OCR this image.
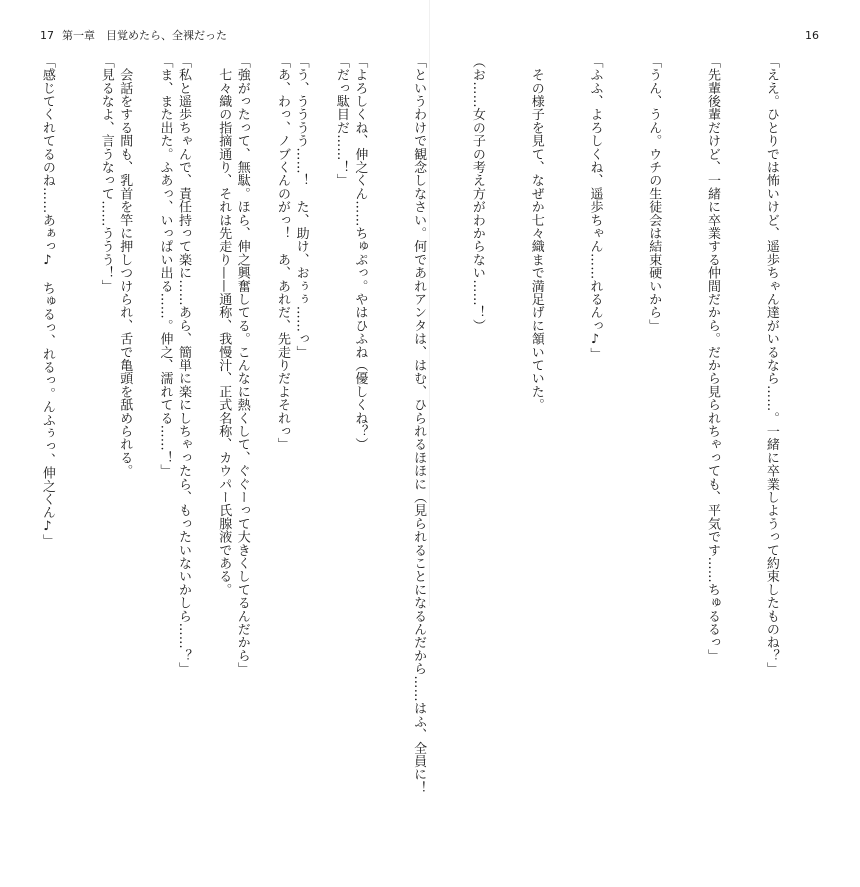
17 第一章　目覚めたら、全裸だった

「だっ駄目だ……！」

「あ、わっ、ノブくんのがっ！　あ、あれだ、先走りだよそれっ」

　七々織の指摘通り、それは先走り——通称、我慢汁、正式名称、カウパー氏腺液である。

「ま、また出た。ふあっ、いっぱい出る……。伸之、濡れてる……！」

「見るなよ、言うなって……ううう！」

「感じてくれてるのね……あぁっ♪　ちゅるっ、れるっ。んふぅっ、伸之くん♪」

16

「ええ。ひとりでは怖いけど、遥歩ちゃん達がいるなら……。一緒に卒業しようって約束したものね？」

「先輩後輩だけど、一緒に卒業する仲間だから。だから見られちゃっても、平気です……ちゅるるっ」

「うん、うん。ウチの生徒会は結束硬いから」

「ふふ、よろしくね、遥歩ちゃん……れるんっ♪」

　その様子を見て、なぜか七々織まで満足げに頷いていた。

（お……女の子の考え方がわからない……！）

「というわけで観念しなさい。何であれアンタは、はむ、ひられるほほに（見られることになるんだから……はふ、全員に！

「よろしくね、伸之くん……ちゅぷっ。やはひふね（優しくね？）

「う、うううう……！　た、助け、おぅぅ……っ」

「強がったって、無駄。ほら、伸之興奮してる。こんなに熱くして、ぐぐーって大きくしてるんだから」

「私と遥歩ちゃんで、責任持って楽に……あら、簡単に楽にしちゃったら、もったいないかしら……？」

　会話をする間も、乳首を竿に押しつけられ、舌で亀頭を舐められる。
